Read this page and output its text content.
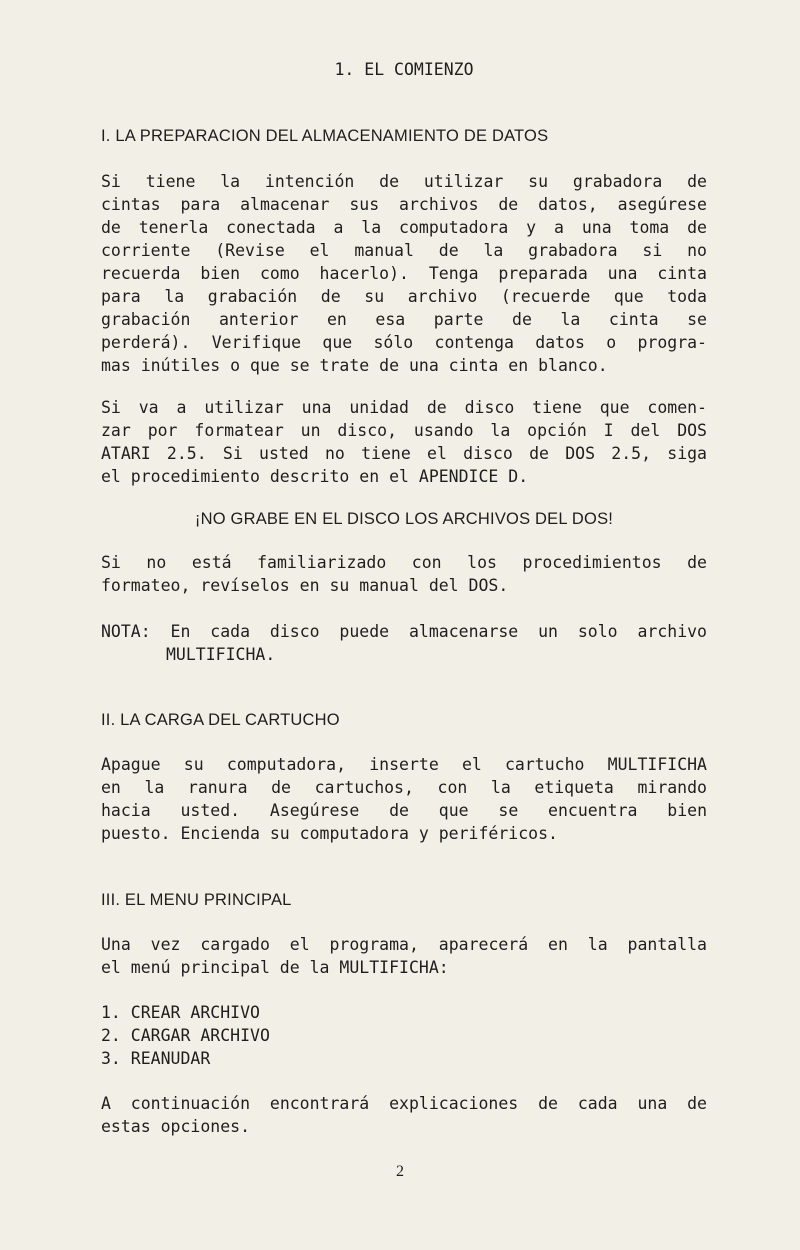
1. EL COMIENZO
I. LA PREPARACION DEL ALMACENAMIENTO DE DATOS
Si tiene la intención de utilizar su grabadora de
cintas para almacenar sus archivos de datos, asegúrese
de tenerla conectada a la computadora y a una toma de
corriente (Revise el manual de la grabadora si no
recuerda bien como hacerlo). Tenga preparada una cinta
para la grabación de su archivo (recuerde que toda
grabación anterior en esa parte de la cinta se
perderá). Verifique que sólo contenga datos o progra-
mas inútiles o que se trate de una cinta en blanco.
Si va a utilizar una unidad de disco tiene que comen-
zar por formatear un disco, usando la opción I del DOS
ATARI 2.5. Si usted no tiene el disco de DOS 2.5, siga
el procedimiento descrito en el APENDICE D.
¡NO GRABE EN EL DISCO LOS ARCHIVOS DEL DOS!
Si no está familiarizado con los procedimientos de
formateo, revíselos en su manual del DOS.
NOTA: En cada disco puede almacenarse un solo archivo
MULTIFICHA.
II. LA CARGA DEL CARTUCHO
Apague su computadora, inserte el cartucho MULTIFICHA
en la ranura de cartuchos, con la etiqueta mirando
hacia usted. Asegúrese de que se encuentra bien
puesto. Encienda su computadora y periféricos.
III. EL MENU PRINCIPAL
Una vez cargado el programa, aparecerá en la pantalla
el menú principal de la MULTIFICHA:
1. CREAR ARCHIVO
2. CARGAR ARCHIVO
3. REANUDAR
A continuación encontrará explicaciones de cada una de
estas opciones.
2
